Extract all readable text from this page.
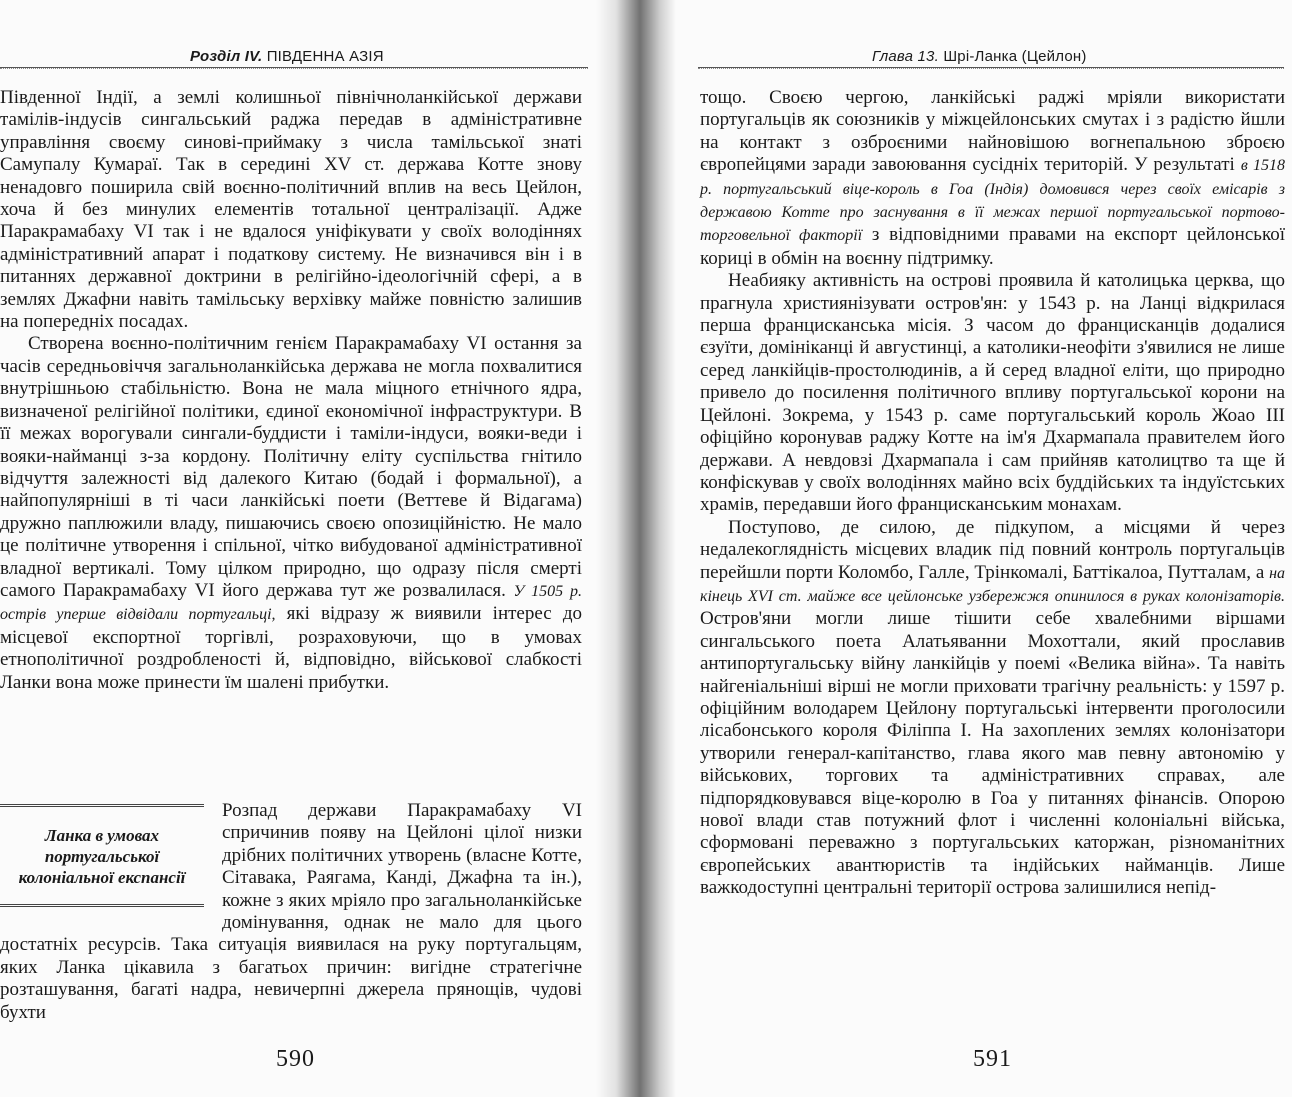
Розділ IV. ПІВДЕННА АЗІЯ

Південної Індії, а землі колишньої північноланкійської держави тамілів-індусів сингальський раджа передав в адміністративне управління своєму синові-приймаку з числа тамільської знаті Самупалу Кумараї. Так в середині XV ст. держава Котте знову ненадовго поширила свій воєнно-політичний вплив на весь Цейлон, хоча й без минулих елементів тотальної централізації. Адже Паракрамабаху VI так і не вдалося уніфікувати у своїх володіннях адміністративний апарат і податкову систему. Не визначився він і в питаннях державної доктрини в релігійно-ідеологічній сфері, а в землях Джафни навіть тамільську верхівку майже повністю залишив на попередніх посадах.

Створена воєнно-політичним генієм Паракрамабаху VI остання за часів середньовіччя загальноланкійська держава не могла похвалитися внутрішньою стабільністю. Вона не мала міцного етнічного ядра, визначеної релігійної політики, єдиної економічної інфраструктури. В її межах ворогували сингали-буддисти і таміли-індуси, вояки-веди і вояки-найманці з-за кордону. Політичну еліту суспільства гнітило відчуття залежності від далекого Китаю (бодай і формальної), а найпопулярніші в ті часи ланкійські поети (Веттеве й Відагама) дружно паплюжили владу, пишаючись своєю опозиційністю. Не мало це політичне утворення і спільної, чітко вибудованої адміністративної владної вертикалі. Тому цілком природно, що одразу після смерті самого Паракрамабаху VI його держава тут же розвалилася. У 1505 р. острів уперше відвідали португальці, які відразу ж виявили інтерес до місцевої експортної торгівлі, розраховуючи, що в умовах етнополітичної роздробленості й, відповідно, військової слабкості Ланки вона може принести їм шалені прибутки.

Ланка в умовах
португальської
колоніальної експансії
Розпад держави Паракрамабаху VI спричинив появу на Цейлоні цілої низки дрібних політичних утворень (власне Котте, Сітавака, Раягама, Канді, Джафна та ін.), кожне з яких мріяло про загальноланкійське домінування, однак не мало для цього достатніх ресурсів. Така ситуація виявилася на руку португальцям, яких Ланка цікавила з багатьох причин: вигідне стратегічне розташування, багаті надра, невичерпні джерела прянощів, чудові бухти
590
Глава 13. Шрі-Ланка (Цейлон)

тощо. Своєю чергою, ланкійські раджі мріяли використати португальців як союзників у міжцейлонських смутах і з радістю йшли на контакт з озброєними найновішою вогнепальною зброєю європейцями заради завоювання сусідніх територій. У результаті в 1518 р. португальський віце-король в Гоа (Індія) домовився через своїх емісарів з державою Котте про заснування в її межах першої португальської портово-торговельної факторії з відповідними правами на експорт цейлонської кориці в обмін на воєнну підтримку.

Неабияку активність на острові проявила й католицька церква, що прагнула християнізувати остров'ян: у 1543 р. на Ланці відкрилася перша францисканська місія. З часом до францисканців додалися єзуїти, домініканці й августинці, а католики-неофіти з'явилися не лише серед ланкійців-простолюдинів, а й серед владної еліти, що природно привело до посилення політичного впливу португальської корони на Цейлоні. Зокрема, у 1543 р. саме португальський король Жоао III офіційно коронував раджу Котте на ім'я Дхармапала правителем його держави. А невдовзі Дхармапала і сам прийняв католицтво та ще й конфіскував у своїх володіннях майно всіх буддійських та індуїстських храмів, передавши його францисканським монахам.

Поступово, де силою, де підкупом, а місцями й через недалекоглядність місцевих владик під повний контроль португальців перейшли порти Коломбо, Галле, Трінкомалі, Баттікалоа, Путталам, а на кінець XVI ст. майже все цейлонське узбережжя опинилося в руках колонізаторів. Остров'яни могли лише тішити себе хвалебними віршами сингальського поета Алатьяванни Мохоттали, який прославив антипортугальську війну ланкійців у поемі «Велика війна». Та навіть найгеніальніші вірші не могли приховати трагічну реальність: у 1597 р. офіційним володарем Цейлону португальські інтервенти проголосили лісабонського короля Філіппа І. На захоплених землях колонізатори утворили генерал-капітанство, глава якого мав певну автономію у військових, торгових та адміністративних справах, але підпорядковувався віце-королю в Гоа у питаннях фінансів. Опорою нової влади став потужний флот і численні колоніальні війська, сформовані переважно з португальських каторжан, різноманітних європейських авантюристів та індійських найманців. Лише важкодоступні центральні території острова залишилися непід-

591
